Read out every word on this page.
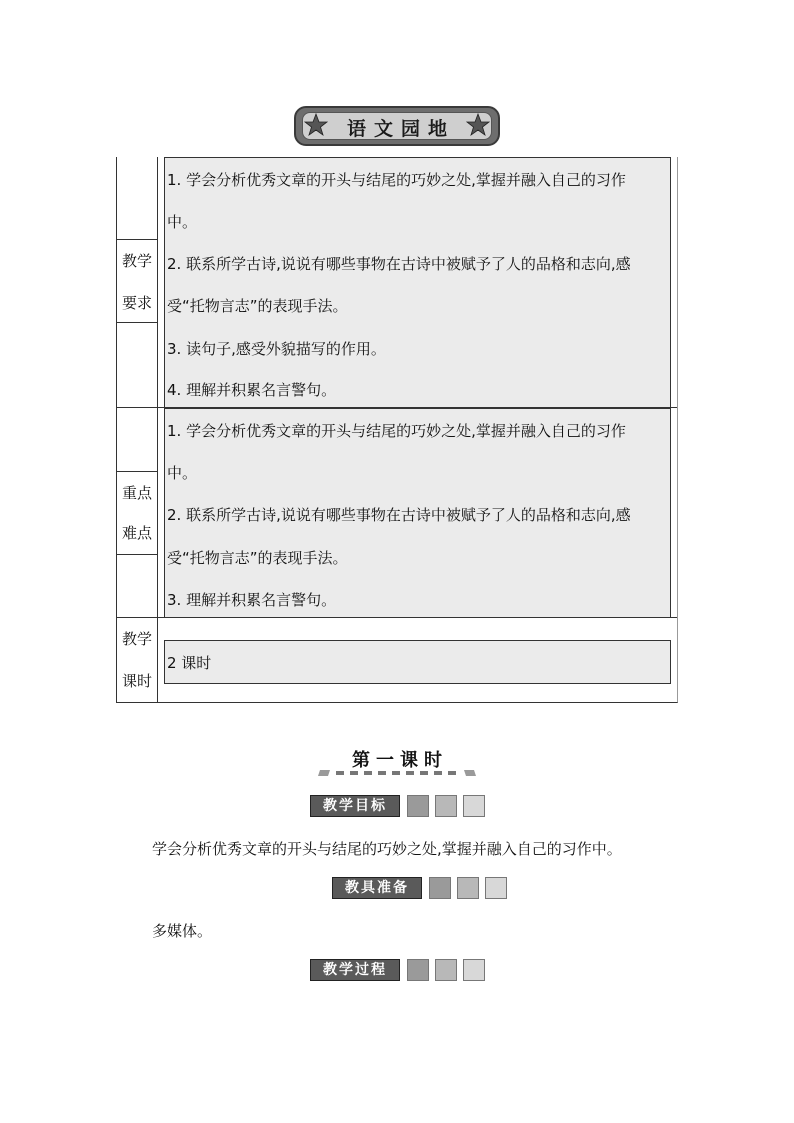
语文园地
教学
要求
1. 学会分析优秀文章的开头与结尾的巧妙之处,掌握并融入自己的习作
中。
2. 联系所学古诗,说说有哪些事物在古诗中被赋予了人的品格和志向,感
受“托物言志”的表现手法。
3. 读句子,感受外貌描写的作用。
4. 理解并积累名言警句。
重点
难点
1. 学会分析优秀文章的开头与结尾的巧妙之处,掌握并融入自己的习作
中。
2. 联系所学古诗,说说有哪些事物在古诗中被赋予了人的品格和志向,感
受“托物言志”的表现手法。
3. 理解并积累名言警句。
教学
课时
2 课时
第一课时
教学目标
学会分析优秀文章的开头与结尾的巧妙之处,掌握并融入自己的习作中。
教具准备
多媒体。
教学过程
